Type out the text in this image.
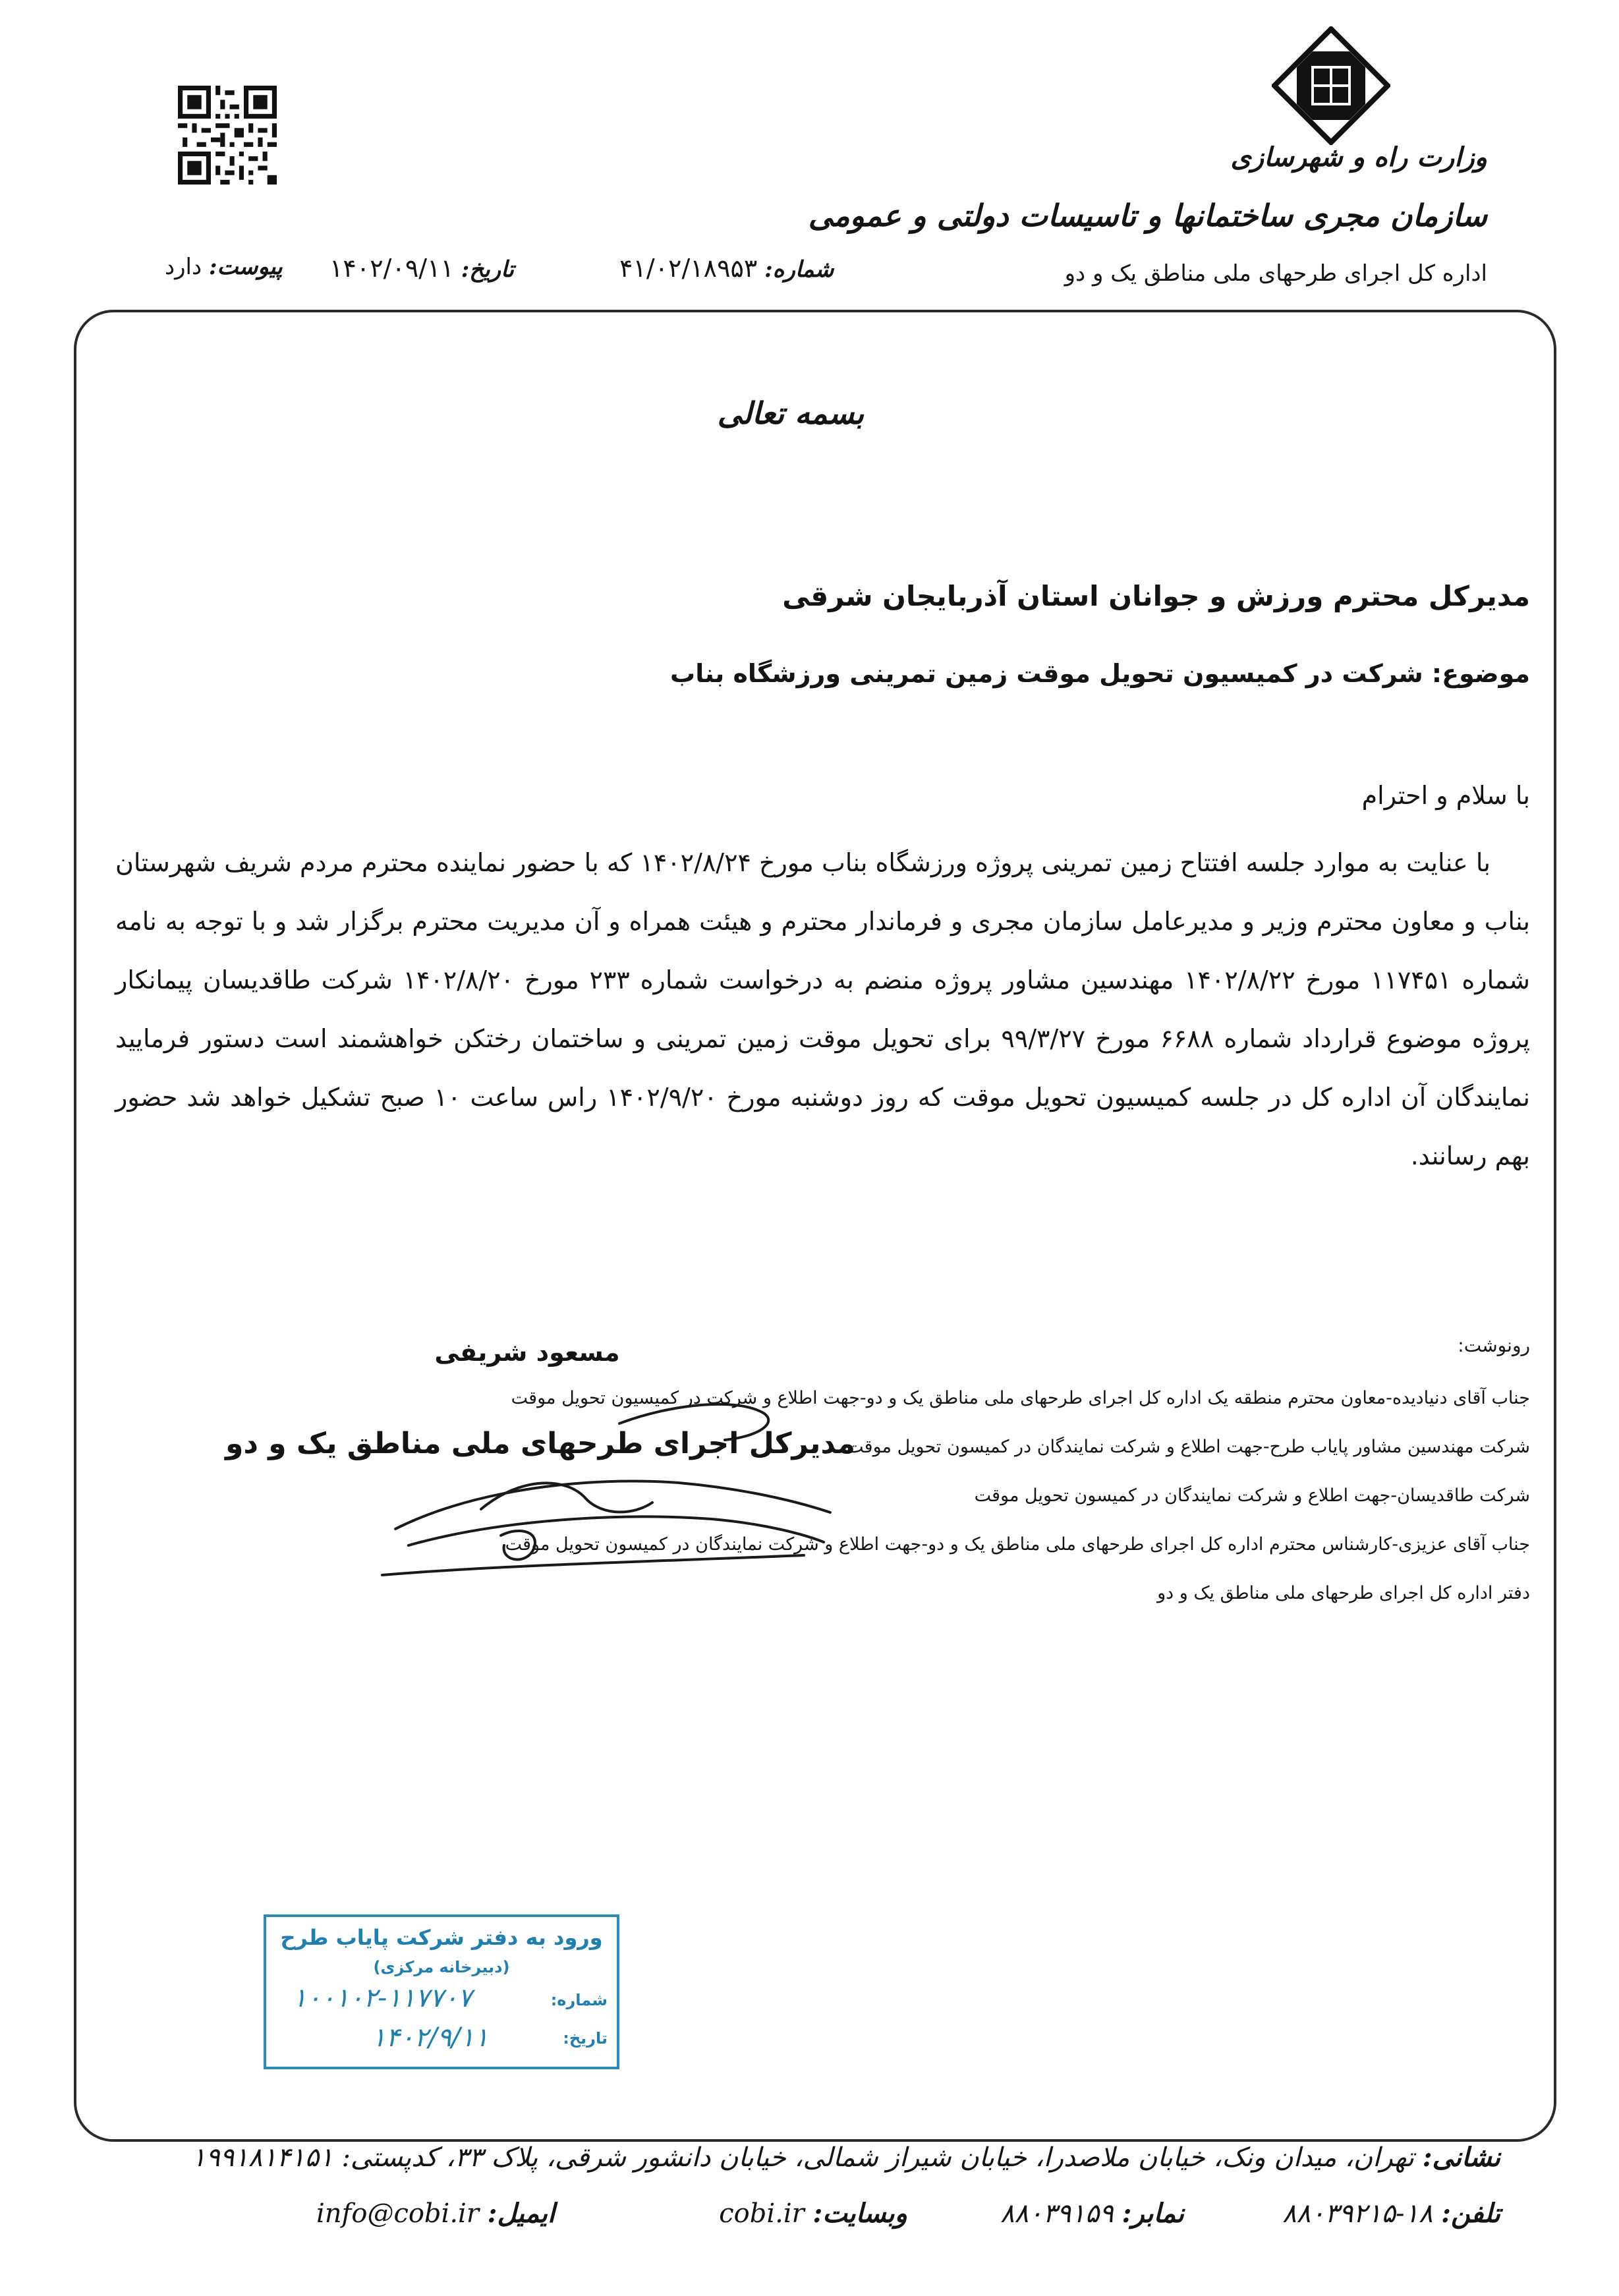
وزارت راه و شهرسازی
سازمان مجری ساختمانها و تاسیسات دولتی و عمومی
اداره کل اجرای طرحهای ملی مناطق یک و دو
شماره: ۴۱/۰۲/۱۸۹۵۳
تاریخ: ۱۴۰۲/۰۹/۱۱
پیوست: دارد
بسمه تعالی
مدیرکل محترم ورزش و جوانان استان آذربایجان شرقی
موضوع: شرکت در کمیسیون تحویل موقت زمین تمرینی ورزشگاه بناب
با سلام و احترام
با عنایت به موارد جلسه افتتاح زمین تمرینی پروژه ورزشگاه بناب مورخ ۱۴۰۲/۸/۲۴ که با حضور نماینده محترم مردم شریف شهرستان بناب و معاون محترم وزیر و مدیرعامل سازمان مجری و فرماندار محترم و هیئت همراه و آن مدیریت محترم برگزار شد و با توجه به نامه شماره ۱۱۷۴۵۱ مورخ ۱۴۰۲/۸/۲۲ مهندسین مشاور پروژه منضم به درخواست شماره ۲۳۳ مورخ ۱۴۰۲/۸/۲۰ شرکت طاقدیسان پیمانکار پروژه موضوع قرارداد شماره ۶۶۸۸ مورخ ۹۹/۳/۲۷ برای تحویل موقت زمین تمرینی و ساختمان رختکن خواهشمند است دستور فرمایید نمایندگان آن اداره کل در جلسه کمیسیون تحویل موقت که روز دوشنبه مورخ ۱۴۰۲/۹/۲۰ راس ساعت ۱۰ صبح تشکیل خواهد شد حضور بهم رسانند.
رونوشت:
جناب آقای دنیادیده-معاون محترم منطقه یک اداره کل اجرای طرحهای ملی مناطق یک و دو-جهت اطلاع و شرکت در کمیسیون تحویل موقت
شرکت مهندسین مشاور پایاب طرح-جهت اطلاع و شرکت نمایندگان در کمیسون تحویل موقت
شرکت طاقدیسان-جهت اطلاع و شرکت نمایندگان در کمیسون تحویل موقت
جناب آقای عزیزی-کارشناس محترم اداره کل اجرای طرحهای ملی مناطق یک و دو-جهت اطلاع و شرکت نمایندگان در کمیسون تحویل موقت
دفتر اداره کل اجرای طرحهای ملی مناطق یک و دو
مسعود شریفی
مدیرکل اجرای طرحهای ملی مناطق یک و دو
ورود به دفتر شرکت پایاب طرح
(دبیرخانه مرکزی)
شماره:
۱۰۰۱۰۲-۱۱۷۷۰۷
تاریخ:
۱۴۰۲/۹/۱۱
نشانی: تهران، میدان ونک، خیابان ملاصدرا، خیابان شیراز شمالی، خیابان دانشور شرقی، پلاک ۳۳، کدپستی: ۱۹۹۱۸۱۴۱۵۱
تلفن: ۱۸-۸۸۰۳۹۲۱۵
نمابر: ۸۸۰۳۹۱۵۹
وبسایت: cobi.ir
ایمیل: info@cobi.ir
